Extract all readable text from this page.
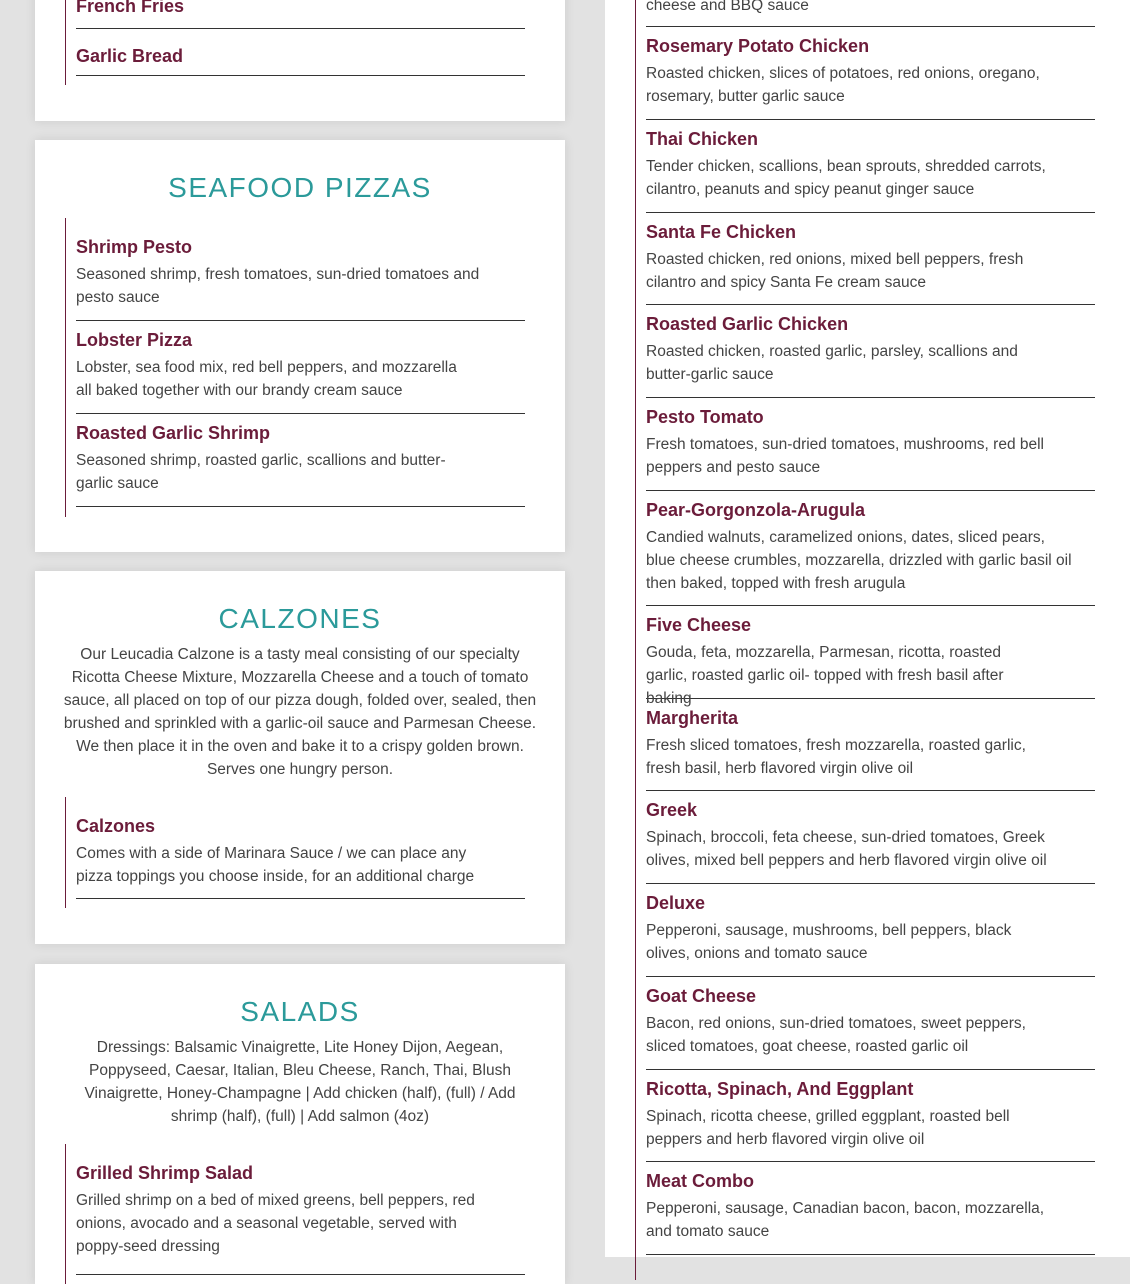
French Fries
Garlic Bread
SEAFOOD PIZZAS
Shrimp Pesto

Seasoned shrimp, fresh tomatoes, sun-dried tomatoes and pesto sauce

Lobster Pizza

Lobster, sea food mix, red bell peppers, and mozzarella all baked together with our brandy cream sauce

Roasted Garlic Shrimp

Seasoned shrimp, roasted garlic, scallions and butter-garlic sauce

CALZONES

Our Leucadia Calzone is a tasty meal consisting of our specialty Ricotta Cheese Mixture, Mozzarella Cheese and a touch of tomato sauce, all placed on top of our pizza dough, folded over, sealed, then brushed and sprinkled with a garlic-oil sauce and Parmesan Cheese. We then place it in the oven and bake it to a crispy golden brown. Serves one hungry person.

Calzones

Comes with a side of Marinara Sauce / we can place any pizza toppings you choose inside, for an additional charge

SALADS

Dressings: Balsamic Vinaigrette, Lite Honey Dijon, Aegean, Poppyseed, Caesar, Italian, Bleu Cheese, Ranch, Thai, Blush Vinaigrette, Honey-Champagne | Add chicken (half), (full) / Add shrimp (half), (full) | Add salmon (4oz)

Grilled Shrimp Salad

Grilled shrimp on a bed of mixed greens, bell peppers, red onions, avocado and a seasonal vegetable, served with poppy-seed dressing

cheese and BBQ sauce

Rosemary Potato Chicken

Roasted chicken, slices of potatoes, red onions, oregano, rosemary, butter garlic sauce

Thai Chicken

Tender chicken, scallions, bean sprouts, shredded carrots, cilantro, peanuts and spicy peanut ginger sauce

Santa Fe Chicken

Roasted chicken, red onions, mixed bell peppers, fresh cilantro and spicy Santa Fe cream sauce

Roasted Garlic Chicken

Roasted chicken, roasted garlic, parsley, scallions and butter-garlic sauce

Pesto Tomato

Fresh tomatoes, sun-dried tomatoes, mushrooms, red bell peppers and pesto sauce

Pear-Gorgonzola-Arugula

Candied walnuts, caramelized onions, dates, sliced pears, blue cheese crumbles, mozzarella, drizzled with garlic basil oil then baked, topped with fresh arugula

Five Cheese

Gouda, feta, mozzarella, Parmesan, ricotta, roasted garlic, roasted garlic oil- topped with fresh basil after baking

Margherita

Fresh sliced tomatoes, fresh mozzarella, roasted garlic, fresh basil, herb flavored virgin olive oil

Greek

Spinach, broccoli, feta cheese, sun-dried tomatoes, Greek olives, mixed bell peppers and herb flavored virgin olive oil

Deluxe

Pepperoni, sausage, mushrooms, bell peppers, black olives, onions and tomato sauce

Goat Cheese

Bacon, red onions, sun-dried tomatoes, sweet peppers, sliced tomatoes, goat cheese, roasted garlic oil

Ricotta, Spinach, And Eggplant

Spinach, ricotta cheese, grilled eggplant, roasted bell peppers and herb flavored virgin olive oil

Meat Combo

Pepperoni, sausage, Canadian bacon, bacon, mozzarella, and tomato sauce
